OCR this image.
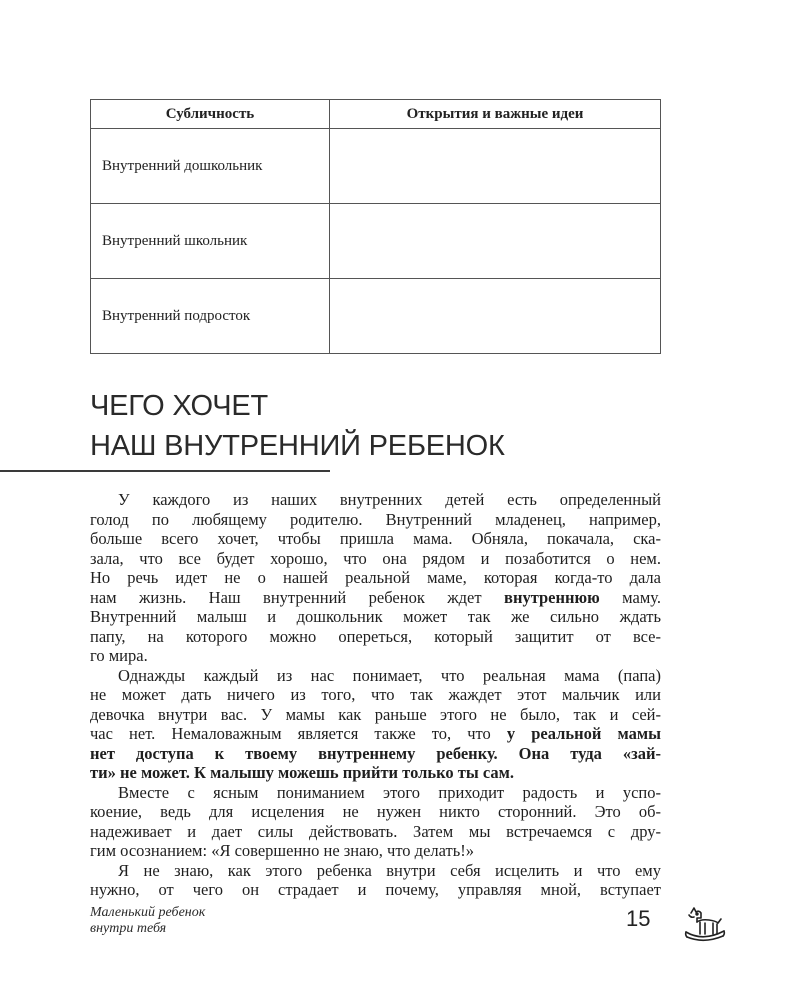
Субличность	Открытия и важные идеи
Внутренний дошкольник	
Внутренний школьник	
Внутренний подросток	
ЧЕГО ХОЧЕТ
НАШ ВНУТРЕННИЙ РЕБЕНОК
У каждого из наших внутренних детей есть определенный
голод по любящему родителю. Внутренний младенец, например,
больше всего хочет, чтобы пришла мама. Обняла, покачала, ска-
зала, что все будет хорошо, что она рядом и позаботится о нем.
Но речь идет не о нашей реальной маме, которая когда-то дала
нам жизнь. Наш внутренний ребенок ждет внутреннюю маму.
Внутренний малыш и дошкольник может так же сильно ждать
папу, на которого можно опереться, который защитит от все-
го мира.
Однажды каждый из нас понимает, что реальная мама (папа)
не может дать ничего из того, что так жаждет этот мальчик или
девочка внутри вас. У мамы как раньше этого не было, так и сей-
час нет. Немаловажным является также то, что у реальной мамы
нет доступа к твоему внутреннему ребенку. Она туда «зай-
ти» не может. К малышу можешь прийти только ты сам.
Вместе с ясным пониманием этого приходит радость и успо-
коение, ведь для исцеления не нужен никто сторонний. Это об-
надеживает и дает силы действовать. Затем мы встречаемся с дру-
гим осознанием: «Я совершенно не знаю, что делать!»
Я не знаю, как этого ребенка внутри себя исцелить и что ему
нужно, от чего он страдает и почему, управляя мной, вступает
Маленький ребенок
внутри тебя	15
